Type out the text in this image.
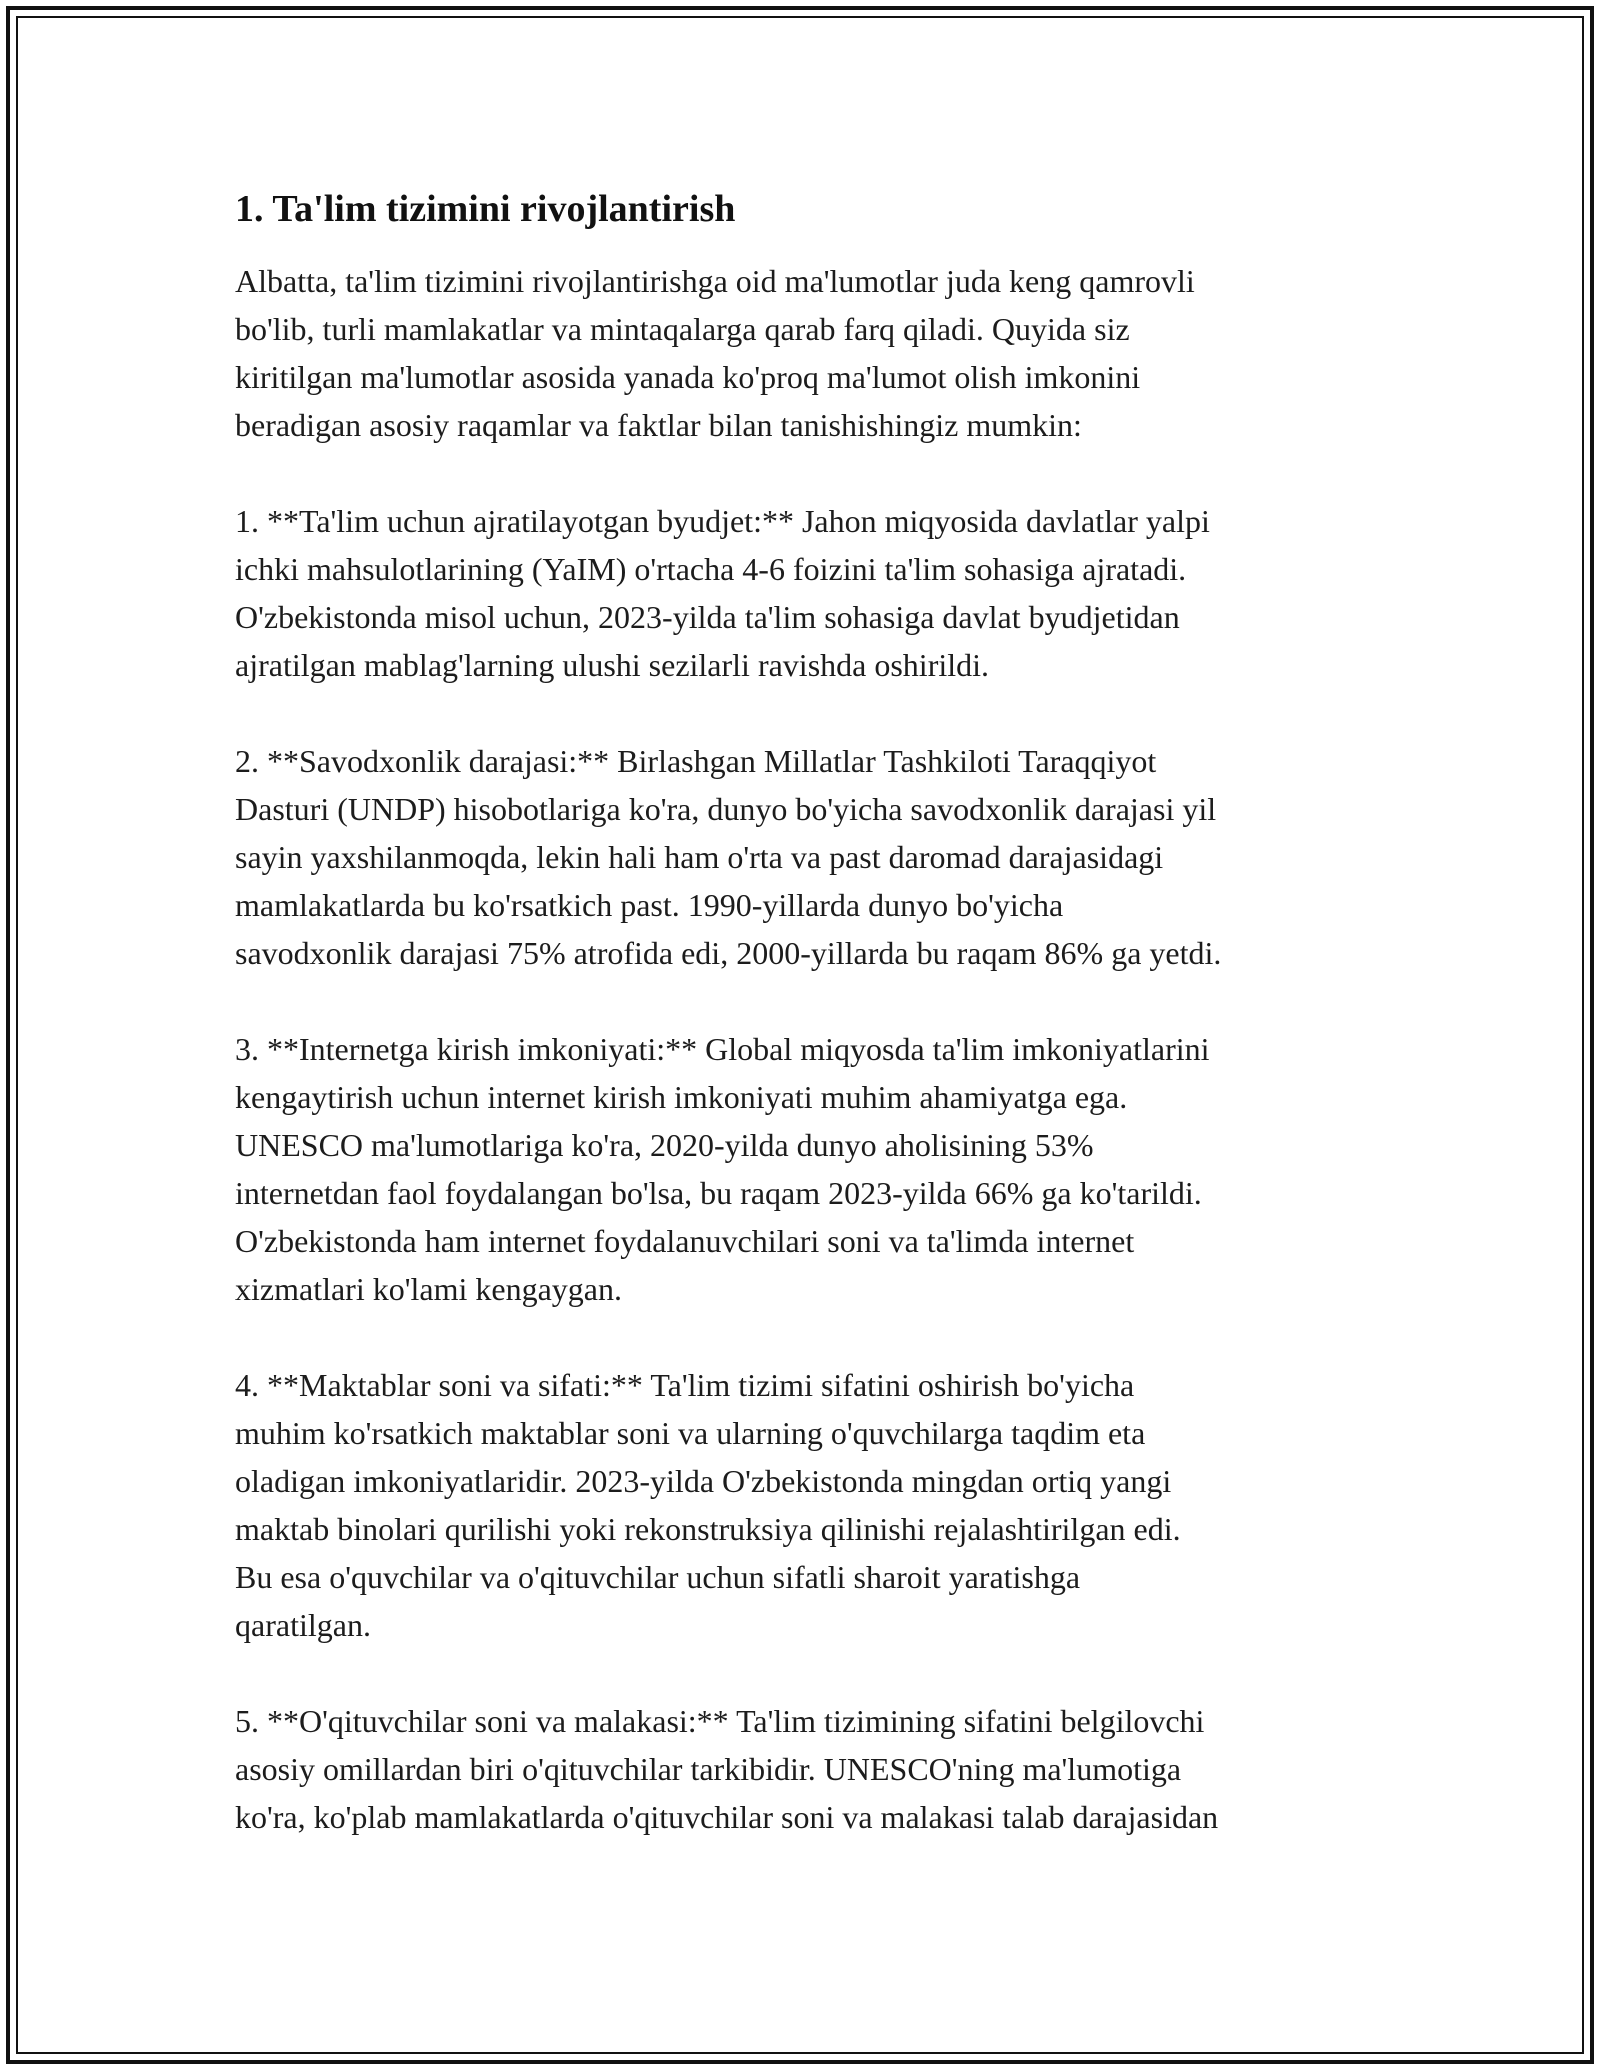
1. Ta'lim tizimini rivojlantirish

Albatta, ta'lim tizimini rivojlantirishga oid ma'lumotlar juda keng qamrovli
bo'lib, turli mamlakatlar va mintaqalarga qarab farq qiladi. Quyida siz
kiritilgan ma'lumotlar asosida yanada ko'proq ma'lumot olish imkonini
beradigan asosiy raqamlar va faktlar bilan tanishishingiz mumkin:

1. **Ta'lim uchun ajratilayotgan byudjet:** Jahon miqyosida davlatlar yalpi
ichki mahsulotlarining (YaIM) o'rtacha 4-6 foizini ta'lim sohasiga ajratadi.
O'zbekistonda misol uchun, 2023-yilda ta'lim sohasiga davlat byudjetidan
ajratilgan mablag'larning ulushi sezilarli ravishda oshirildi.

2. **Savodxonlik darajasi:** Birlashgan Millatlar Tashkiloti Taraqqiyot
Dasturi (UNDP) hisobotlariga ko'ra, dunyo bo'yicha savodxonlik darajasi yil
sayin yaxshilanmoqda, lekin hali ham o'rta va past daromad darajasidagi
mamlakatlarda bu ko'rsatkich past. 1990-yillarda dunyo bo'yicha
savodxonlik darajasi 75% atrofida edi, 2000-yillarda bu raqam 86% ga yetdi.

3. **Internetga kirish imkoniyati:** Global miqyosda ta'lim imkoniyatlarini
kengaytirish uchun internet kirish imkoniyati muhim ahamiyatga ega.
UNESCO ma'lumotlariga ko'ra, 2020-yilda dunyo aholisining 53%
internetdan faol foydalangan bo'lsa, bu raqam 2023-yilda 66% ga ko'tarildi.
O'zbekistonda ham internet foydalanuvchilari soni va ta'limda internet
xizmatlari ko'lami kengaygan.

4. **Maktablar soni va sifati:** Ta'lim tizimi sifatini oshirish bo'yicha
muhim ko'rsatkich maktablar soni va ularning o'quvchilarga taqdim eta
oladigan imkoniyatlaridir. 2023-yilda O'zbekistonda mingdan ortiq yangi
maktab binolari qurilishi yoki rekonstruksiya qilinishi rejalashtirilgan edi.
Bu esa o'quvchilar va o'qituvchilar uchun sifatli sharoit yaratishga
qaratilgan.

5. **O'qituvchilar soni va malakasi:** Ta'lim tizimining sifatini belgilovchi
asosiy omillardan biri o'qituvchilar tarkibidir. UNESCO'ning ma'lumotiga
ko'ra, ko'plab mamlakatlarda o'qituvchilar soni va malakasi talab darajasidan
